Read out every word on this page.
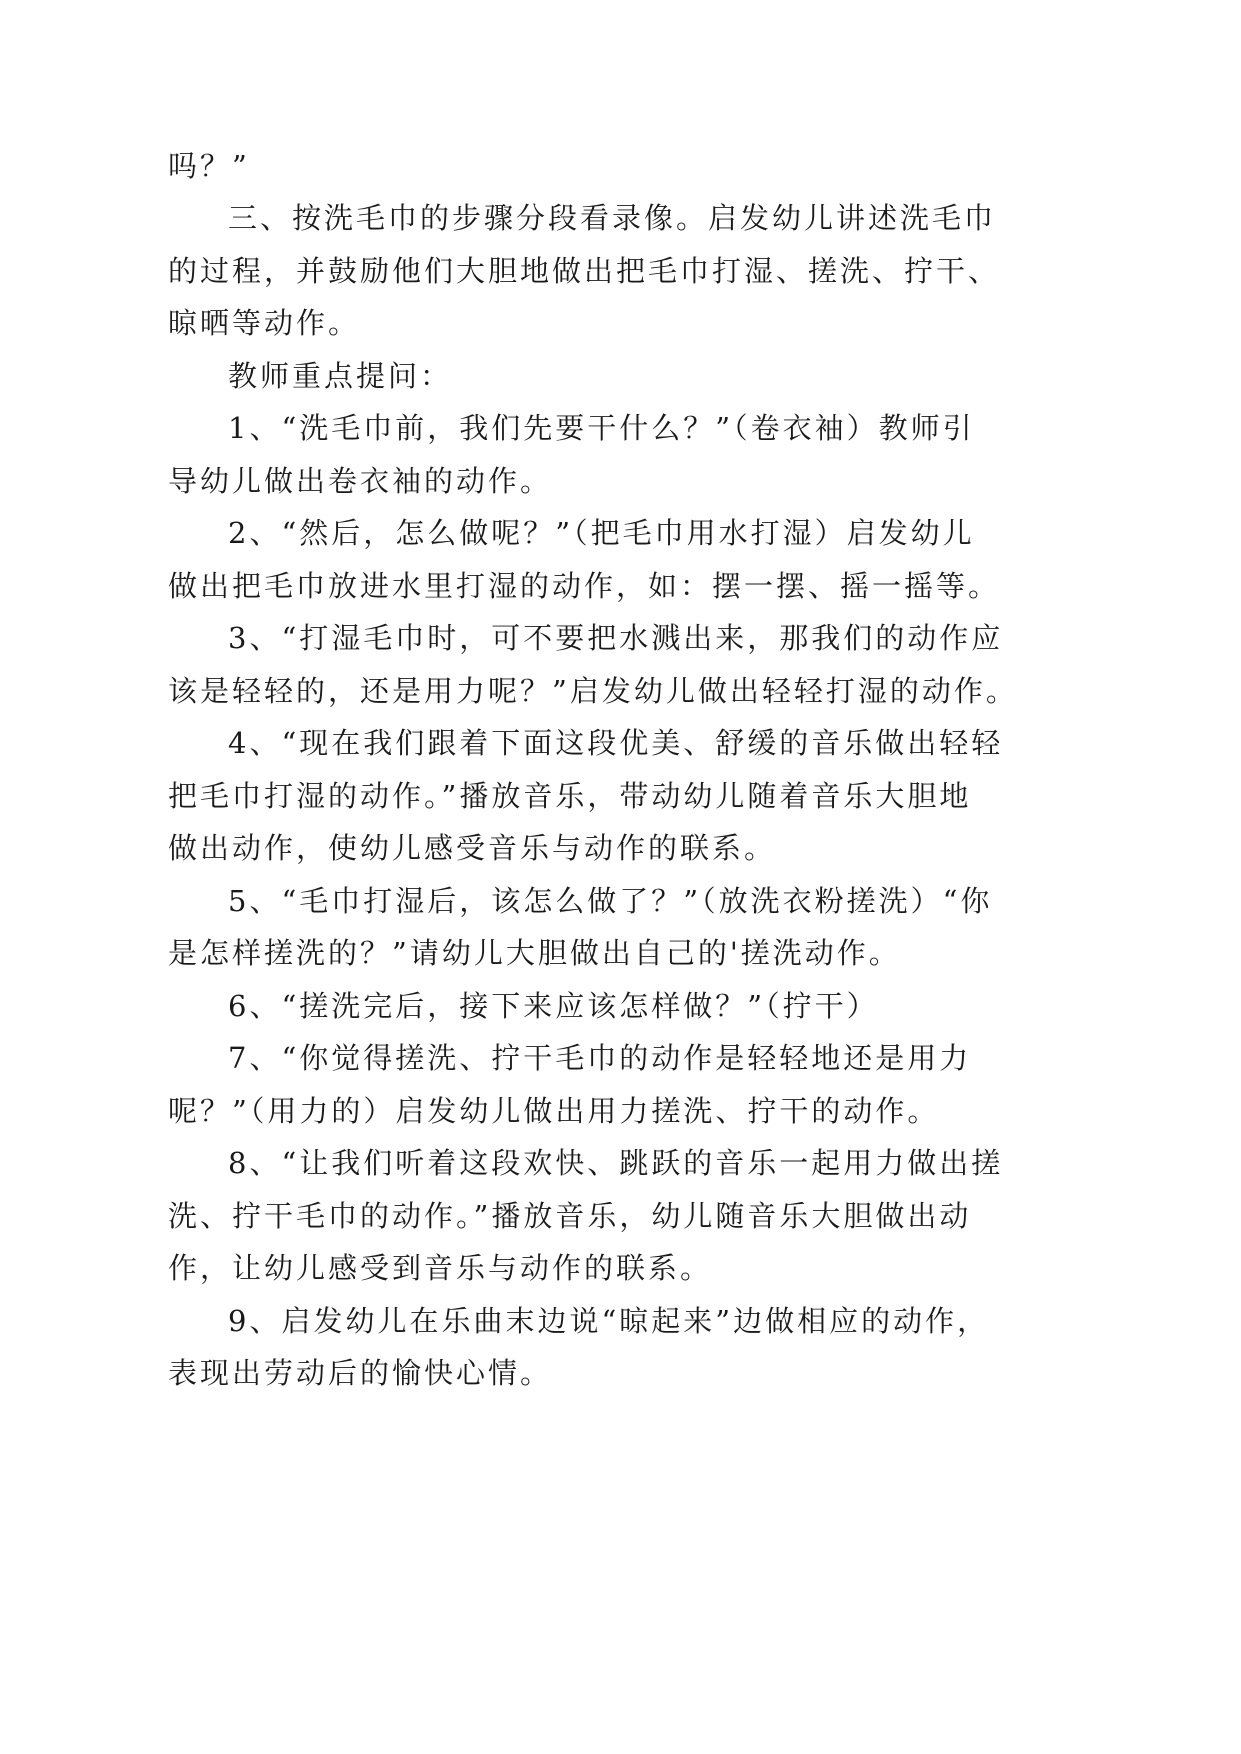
吗？”

三、按洗毛巾的步骤分段看录像。启发幼儿讲述洗毛巾

的过程，并鼓励他们大胆地做出把毛巾打湿、搓洗、拧干、

晾晒等动作。

教师重点提问：

1、“洗毛巾前，我们先要干什么？”（卷衣袖）教师引

导幼儿做出卷衣袖的动作。

2、“然后，怎么做呢？”（把毛巾用水打湿）启发幼儿

做出把毛巾放进水里打湿的动作，如：摆一摆、摇一摇等。

3、“打湿毛巾时，可不要把水溅出来，那我们的动作应

该是轻轻的，还是用力呢？”启发幼儿做出轻轻打湿的动作。

4、“现在我们跟着下面这段优美、舒缓的音乐做出轻轻

把毛巾打湿的动作。”播放音乐，带动幼儿随着音乐大胆地

做出动作，使幼儿感受音乐与动作的联系。

5、“毛巾打湿后，该怎么做了？”（放洗衣粉搓洗）“你

是怎样搓洗的？”请幼儿大胆做出自己的'搓洗动作。

6、“搓洗完后，接下来应该怎样做？”（拧干）

7、“你觉得搓洗、拧干毛巾的动作是轻轻地还是用力

呢？”（用力的）启发幼儿做出用力搓洗、拧干的动作。

8、“让我们听着这段欢快、跳跃的音乐一起用力做出搓

洗、拧干毛巾的动作。”播放音乐，幼儿随音乐大胆做出动

作，让幼儿感受到音乐与动作的联系。

9、启发幼儿在乐曲末边说“晾起来”边做相应的动作，

表现出劳动后的愉快心情。
